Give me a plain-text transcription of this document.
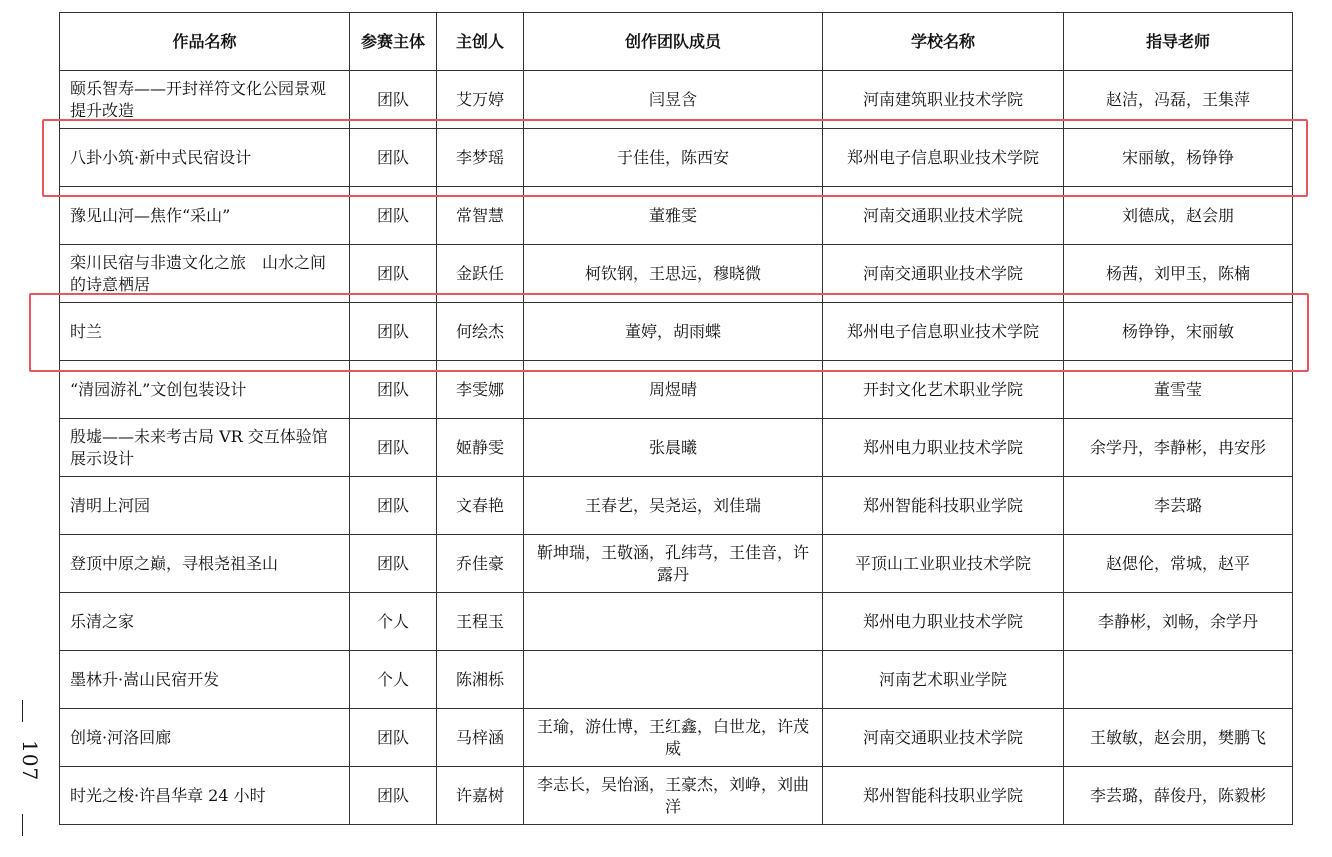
作品名称	参赛主体	主创人	创作团队成员	学校名称	指导老师

颐乐智寿——开封祥符文化公园景观提升改造	团队	艾万婷	闫昱含	河南建筑职业技术学院	赵洁，冯磊，王集萍

八卦小筑·新中式民宿设计	团队	李梦瑶	于佳佳，陈西安	郑州电子信息职业技术学院	宋丽敏，杨铮铮

豫见山河—焦作“采山”	团队	常智慧	董雅雯	河南交通职业技术学院	刘德成，赵会朋

栾川民宿与非遗文化之旅　山水之间的诗意栖居	团队	金跃任	柯钦钢，王思远，穆晓微	河南交通职业技术学院	杨茜，刘甲玉，陈楠

时兰	团队	何绘杰	董婷，胡雨蝶	郑州电子信息职业技术学院	杨铮铮，宋丽敏

“清园游礼”文创包装设计	团队	李雯娜	周煜晴	开封文化艺术职业学院	董雪莹

殷墟——未来考古局 VR 交互体验馆展示设计	团队	姬静雯	张晨曦	郑州电力职业技术学院	余学丹，李静彬，冉安彤

清明上河园	团队	文春艳	王春艺，吴尧运，刘佳瑞	郑州智能科技职业学院	李芸璐

登顶中原之巅，寻根尧祖圣山	团队	乔佳豪	靳坤瑞，王敬涵，孔纬芎，王佳音，许露丹	平顶山工业职业技术学院	赵偲伦，常城，赵平

乐清之家	个人	王程玉		郑州电力职业技术学院	李静彬，刘畅，余学丹

墨林升·嵩山民宿开发	个人	陈湘栎		河南艺术职业学院	

创境·河洛回廊	团队	马梓涵	王瑜，游仕博，王红鑫，白世龙，许茂威	河南交通职业技术学院	王敏敏，赵会朋，樊鹏飞

时光之梭·许昌华章 24 小时	团队	许嘉树	李志长，吴怡涵，王豪杰，刘峥，刘曲洋	郑州智能科技职业学院	李芸璐，薛俊丹，陈毅彬
107
